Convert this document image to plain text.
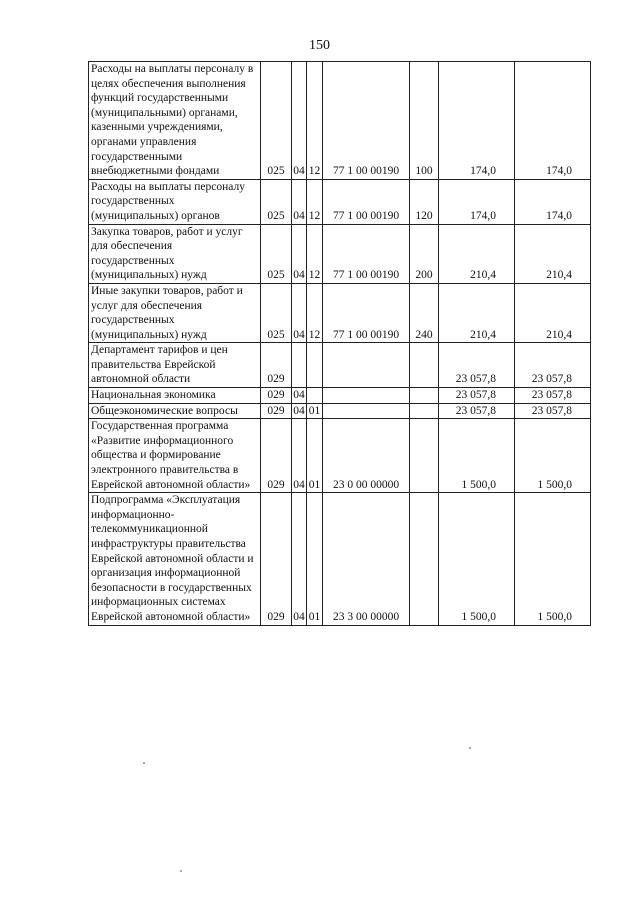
150
Расходы на выплаты персоналу в целях обеспечения выполнения функций государственными (муниципальными) органами, казенными учреждениями, органами управления государственными внебюджетными фондами	025	04	12	77 1 00 00190	100	174,0	174,0
Расходы на выплаты персоналу государственных (муниципальных) органов	025	04	12	77 1 00 00190	120	174,0	174,0
Закупка товаров, работ и услуг для обеспечения государственных (муниципальных) нужд	025	04	12	77 1 00 00190	200	210,4	210,4
Иные закупки товаров, работ и услуг для обеспечения государственных (муниципальных) нужд	025	04	12	77 1 00 00190	240	210,4	210,4
Департамент тарифов и цен правительства Еврейской автономной области	029					23 057,8	23 057,8
Национальная экономика	029	04				23 057,8	23 057,8
Общеэкономические вопросы	029	04	01			23 057,8	23 057,8
Государственная программа «Развитие информационного общества и формирование электронного правительства в Еврейской автономной области»	029	04	01	23 0 00 00000		1 500,0	1 500,0
Подпрограмма «Эксплуатация информационно-телекоммуникационной инфраструктуры правительства Еврейской автономной области и организация информационной безопасности в государственных информационных системах Еврейской автономной области»	029	04	01	23 3 00 00000		1 500,0	1 500,0
